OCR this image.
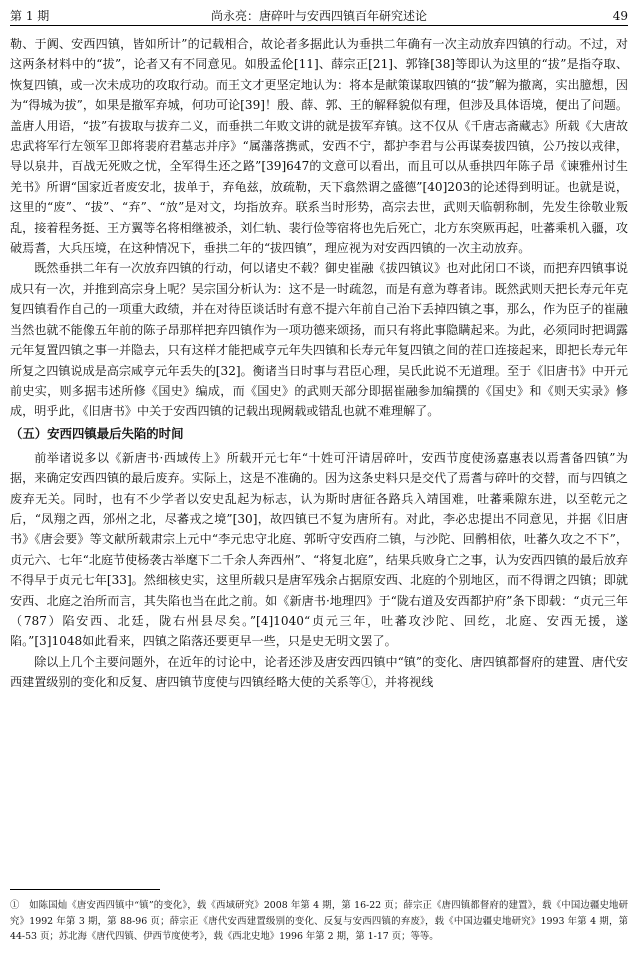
第 1 期	尚永亮：唐碎叶与安西四镇百年研究述论	49

勒、于阗、安西四镇，皆如所计”的记载相合，故论者多据此认为垂拱二年确有一次主动放弃四镇的行动。不过，对这两条材料中的“拔”，论者又有不同意见。如殷孟伦[11]、薛宗正[21]、郭锋[38]等即认为这里的“拔”是指夺取、恢复四镇，或一次未成功的攻取行动。而王文才更坚定地认为：将本是献策谋取四镇的“拔”解为撤离，实出臆想，因为“得城为拔”，如果是撤军弃城，何功可论[39]！殷、薛、郭、王的解释貌似有理，但涉及具体语境，便出了问题。盖唐人用语，“拔”有拔取与拔弃二义，而垂拱二年败文讲的就是拔军弃镇。这不仅从《千唐志斋藏志》所载《大唐故忠武将军行左领军卫郎将裴府君墓志并序》“属藩落携贰，安西不宁，都护李君与公再谋奏拔四镇，公乃按以戎律，导以泉井，百战无死败之忧，全军得生还之路”[39]647的文意可以看出，而且可以从垂拱四年陈子昂《谏雅州讨生羌书》所谓“国家近者废安北，拔单于，弃龟兹，放疏勒，天下翕然谓之盛德”[40]203的论述得到明证。也就是说，这里的“废”、“拔”、“弃”、“放”是对文，均指放弃。联系当时形势，高宗去世，武则天临朝称制，先发生徐敬业叛乱，接着程务挺、王方翼等名将相继被杀，刘仁轨、裴行俭等宿将也先后死亡，北方东突厥再起，吐蕃乘机入疆，攻破焉耆，大兵压境，在这种情况下，垂拱二年的“拔四镇”，理应视为对安西四镇的一次主动放弃。

既然垂拱二年有一次放弃四镇的行动，何以诸史不载？御史崔融《拔四镇议》也对此闭口不谈，而把弃四镇事说成只有一次，并推到高宗身上呢？吴宗国分析认为：这不是一时疏忽，而是有意为尊者讳。既然武则天把长寿元年克复四镇看作自己的一项重大政绩，并在对待臣谈话时有意不提六年前自己治下丢掉四镇之事，那么，作为臣子的崔融当然也就不能像五年前的陈子昂那样把弃四镇作为一项功德来颂扬，而只有将此事隐瞒起来。为此，必须同时把调露元年复置四镇之事一并隐去，只有这样才能把咸亨元年失四镇和长寿元年复四镇之间的茬口连接起来，即把长寿元年所复之四镇说成是高宗咸亨元年丢失的[32]。衡诸当日时事与君臣心理，吴氏此说不无道理。至于《旧唐书》中开元前史实，则多据韦述所修《国史》编成，而《国史》的武则天部分即据崔融参加编撰的《国史》和《则天实录》修成，明乎此，《旧唐书》中关于安西四镇的记载出现阙载或错乱也就不难理解了。

（五）安西四镇最后失陷的时间

前举诸说多以《新唐书·西域传上》所载开元七年“十姓可汗请居碎叶，安西节度使汤嘉惠表以焉耆备四镇”为据，来确定安西四镇的最后废弃。实际上，这是不准确的。因为这条史料只是交代了焉耆与碎叶的交替，而与四镇之废弃无关。同时，也有不少学者以安史乱起为标志，认为斯时唐征各路兵入靖国难，吐蕃乘隙东进，以至乾元之后，“凤翔之西，邠州之北，尽蕃戎之境”[30]，故四镇已不复为唐所有。对此，李必忠提出不同意见，并据《旧唐书》《唐会要》等文献所载肃宗上元中“李元忠守北庭、郭昕守安西府二镇，与沙陀、回鹘相依，吐蕃久攻之不下”，贞元六、七年“北庭节使杨袭古举麾下二千余人奔西州”、“将复北庭”，结果兵败身亡之事，认为安西四镇的最后放弃不得早于贞元七年[33]。然细核史实，这里所载只是唐军残余占据原安西、北庭的个别地区，而不得谓之四镇；即就安西、北庭之治所而言，其失陷也当在此之前。如《新唐书·地理四》于“陇右道及安西都护府”条下即载：“贞元三年（787）陷安西、北廷，陇右州县尽矣。”[4]1040“贞元三年，吐蕃攻沙陀、回纥，北庭、安西无援，遂陷。”[3]1048如此看来，四镇之陷落还要更早一些，只是史无明文罢了。

除以上几个主要问题外，在近年的讨论中，论者还涉及唐安西四镇中“镇”的变化、唐四镇都督府的建置、唐代安西建置级别的变化和反复、唐四镇节度使与四镇经略大使的关系等①，并将视线

①　如陈国灿《唐安西四镇中“镇”的变化》，载《西域研究》2008 年第 4 期，第 16-22 页；薛宗正《唐四镇都督府的建置》，载《中国边疆史地研究》1992 年第 3 期，第 88-96 页；薛宗正《唐代安西建置级别的变化、反复与安西四镇的弃废》，载《中国边疆史地研究》1993 年第 4 期，第 44-53 页；苏北海《唐代四镇、伊西节度使考》，载《西北史地》1996 年第 2 期，第 1-17 页；等等。
